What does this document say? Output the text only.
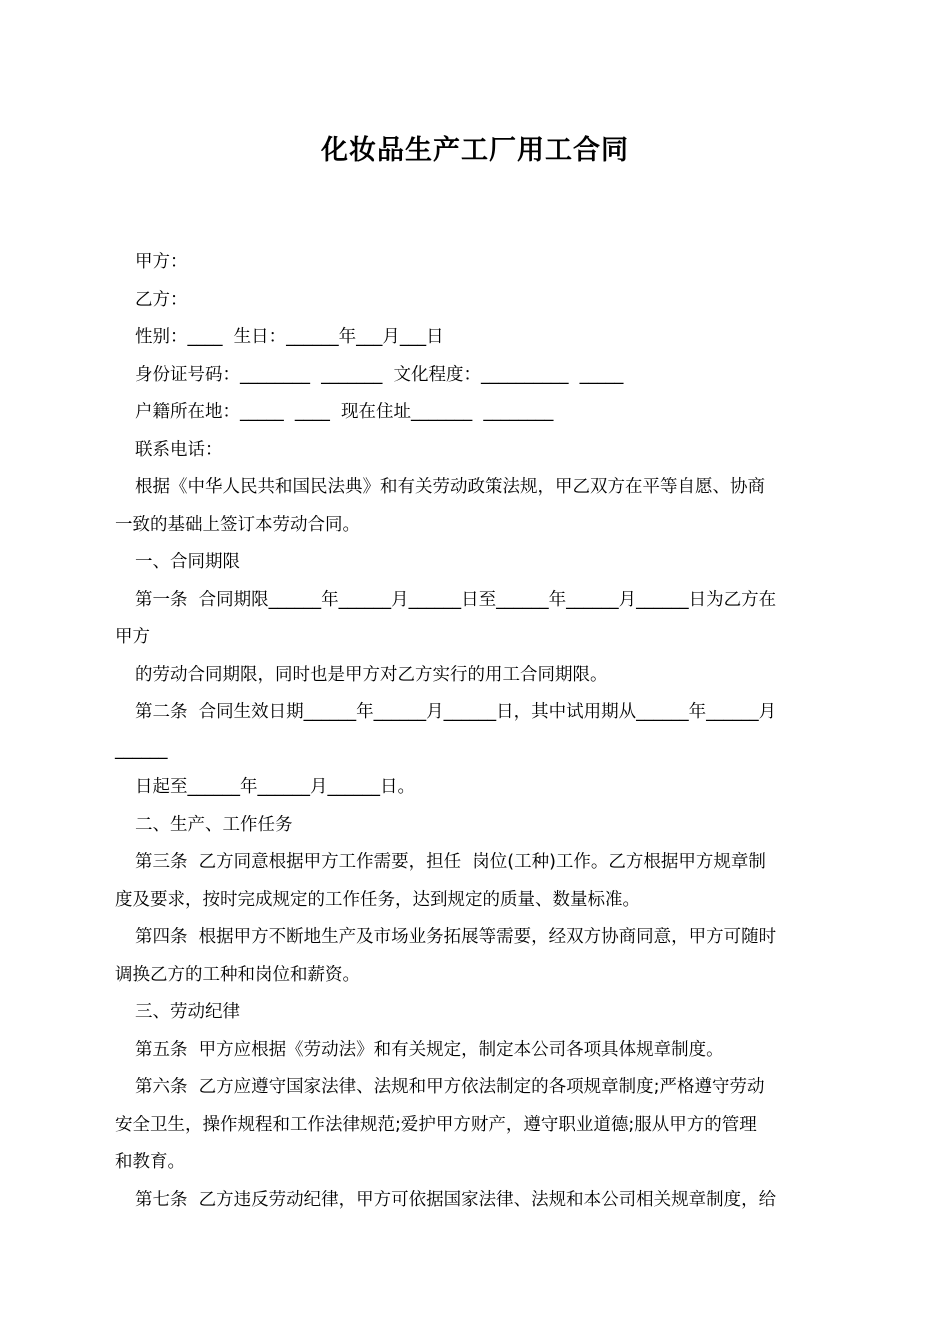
化妆品生产工厂用工合同

甲方：

乙方：

性别：____  生日：______年___月___日

身份证号码：________  _______  文化程度：__________  _____

户籍所在地：_____  ____  现在住址_______  ________

联系电话：

根据《中华人民共和国民法典》和有关劳动政策法规，甲乙双方在平等自愿、协商

一致的基础上签订本劳动合同。

一、合同期限

第一条  合同期限______年______月______日至______年______月______日为乙方在

甲方

的劳动合同期限，同时也是甲方对乙方实行的用工合同期限。

第二条  合同生效日期______年______月______日，其中试用期从______年______月

______

日起至______年______月______日。

二、生产、工作任务

第三条  乙方同意根据甲方工作需要，担任  岗位(工种)工作。乙方根据甲方规章制

度及要求，按时完成规定的工作任务，达到规定的质量、数量标准。

第四条  根据甲方不断地生产及市场业务拓展等需要，经双方协商同意，甲方可随时

调换乙方的工种和岗位和薪资。

三、劳动纪律

第五条  甲方应根据《劳动法》和有关规定，制定本公司各项具体规章制度。

第六条  乙方应遵守国家法律、法规和甲方依法制定的各项规章制度;严格遵守劳动

安全卫生，操作规程和工作法律规范;爱护甲方财产，遵守职业道德;服从甲方的管理

和教育。

第七条  乙方违反劳动纪律，甲方可依据国家法律、法规和本公司相关规章制度，给
